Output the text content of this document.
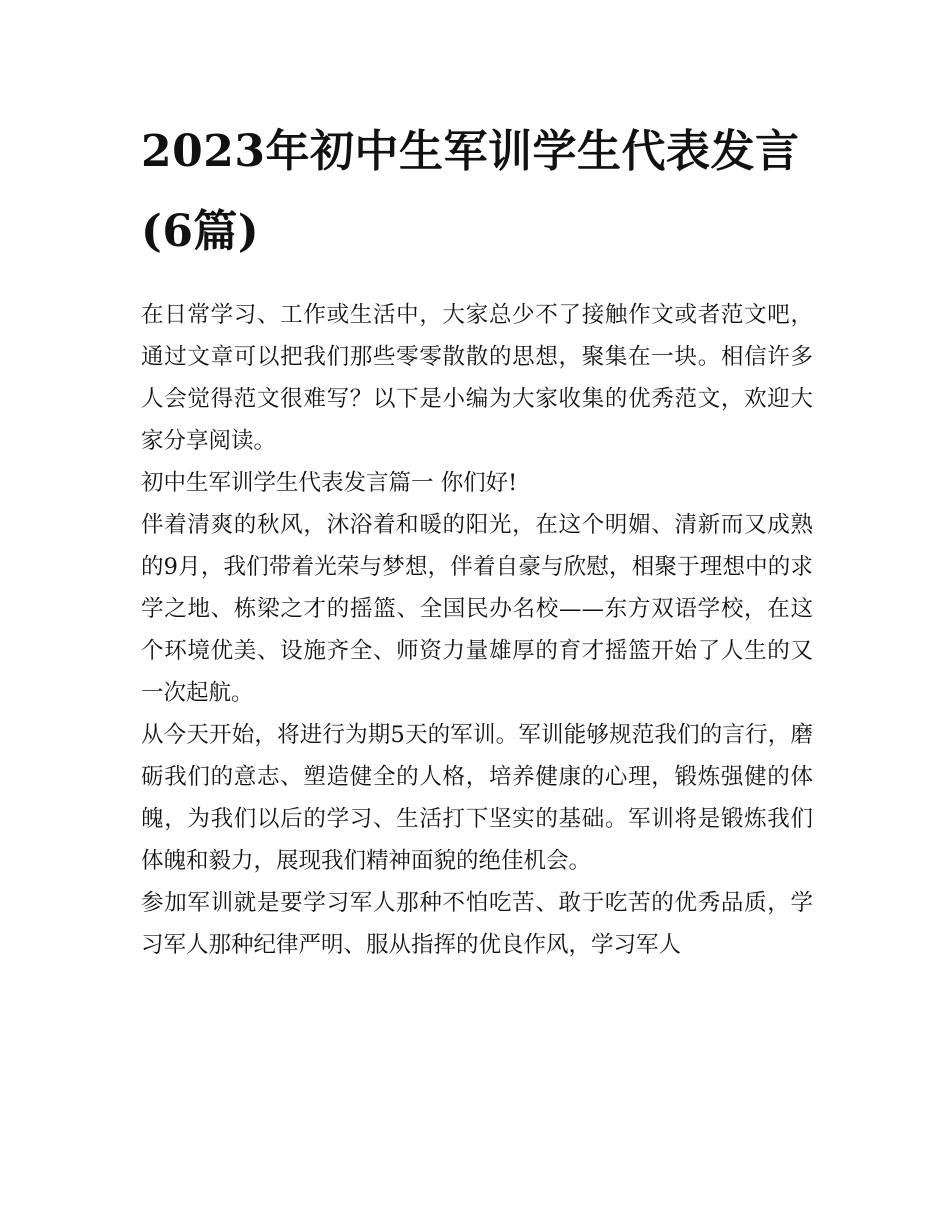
2023年初中生军训学生代表发言(6篇)

在日常学习、工作或生活中，大家总少不了接触作文或者范文吧，通过文章可以把我们那些零零散散的思想，聚集在一块。相信许多人会觉得范文很难写？以下是小编为大家收集的优秀范文，欢迎大家分享阅读。

初中生军训学生代表发言篇一 你们好!

伴着清爽的秋风，沐浴着和暖的阳光，在这个明媚、清新而又成熟的9月，我们带着光荣与梦想，伴着自豪与欣慰，相聚于理想中的求学之地、栋梁之才的摇篮、全国民办名校——东方双语学校，在这个环境优美、设施齐全、师资力量雄厚的育才摇篮开始了人生的又一次起航。

从今天开始，将进行为期5天的军训。军训能够规范我们的言行，磨砺我们的意志、塑造健全的人格，培养健康的心理，锻炼强健的体魄，为我们以后的学习、生活打下坚实的基础。军训将是锻炼我们体魄和毅力，展现我们精神面貌的绝佳机会。

参加军训就是要学习军人那种不怕吃苦、敢于吃苦的优秀品质，学习军人那种纪律严明、服从指挥的优良作风，学习军人
